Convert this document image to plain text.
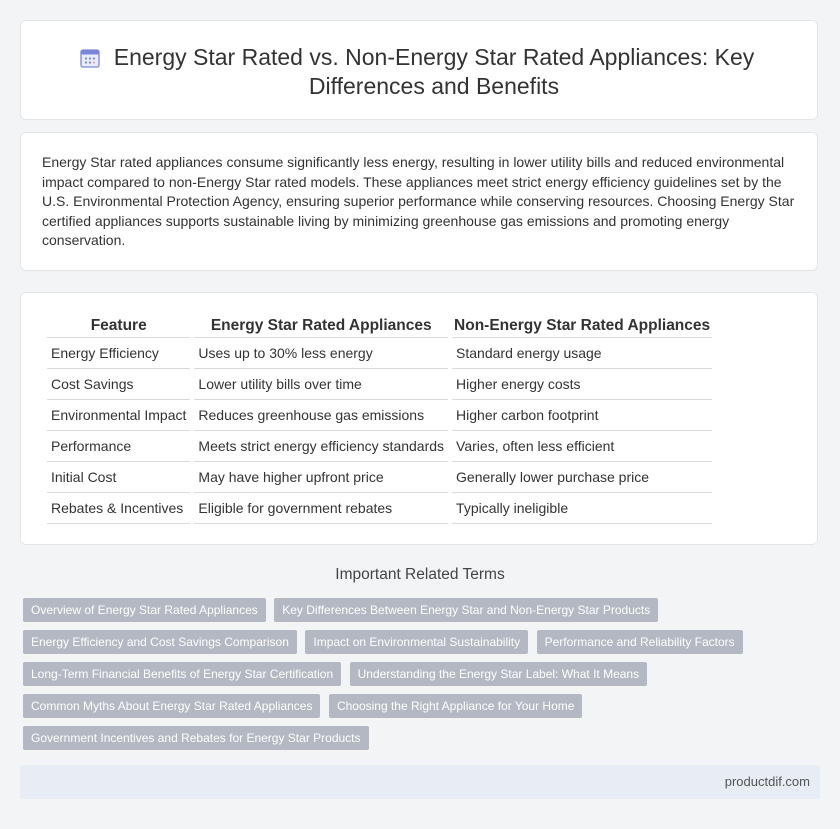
Energy Star Rated vs. Non-Energy Star Rated Appliances: Key Differences and Benefits

Energy Star rated appliances consume significantly less energy, resulting in lower utility bills and reduced environmental impact compared to non-Energy Star rated models. These appliances meet strict energy efficiency guidelines set by the U.S. Environmental Protection Agency, ensuring superior performance while conserving resources. Choosing Energy Star certified appliances supports sustainable living by minimizing greenhouse gas emissions and promoting energy conservation.

Feature	Energy Star Rated Appliances	Non-Energy Star Rated Appliances
Energy Efficiency	Uses up to 30% less energy	Standard energy usage
Cost Savings	Lower utility bills over time	Higher energy costs
Environmental Impact	Reduces greenhouse gas emissions	Higher carbon footprint
Performance	Meets strict energy efficiency standards	Varies, often less efficient
Initial Cost	May have higher upfront price	Generally lower purchase price
Rebates & Incentives	Eligible for government rebates	Typically ineligible
Important Related Terms
Overview of Energy Star Rated Appliances Key Differences Between Energy Star and Non-Energy Star Products
Energy Efficiency and Cost Savings Comparison Impact on Environmental Sustainability Performance and Reliability Factors
Long-Term Financial Benefits of Energy Star Certification Understanding the Energy Star Label: What It Means
Common Myths About Energy Star Rated Appliances Choosing the Right Appliance for Your Home
Government Incentives and Rebates for Energy Star Products
productdif.com
